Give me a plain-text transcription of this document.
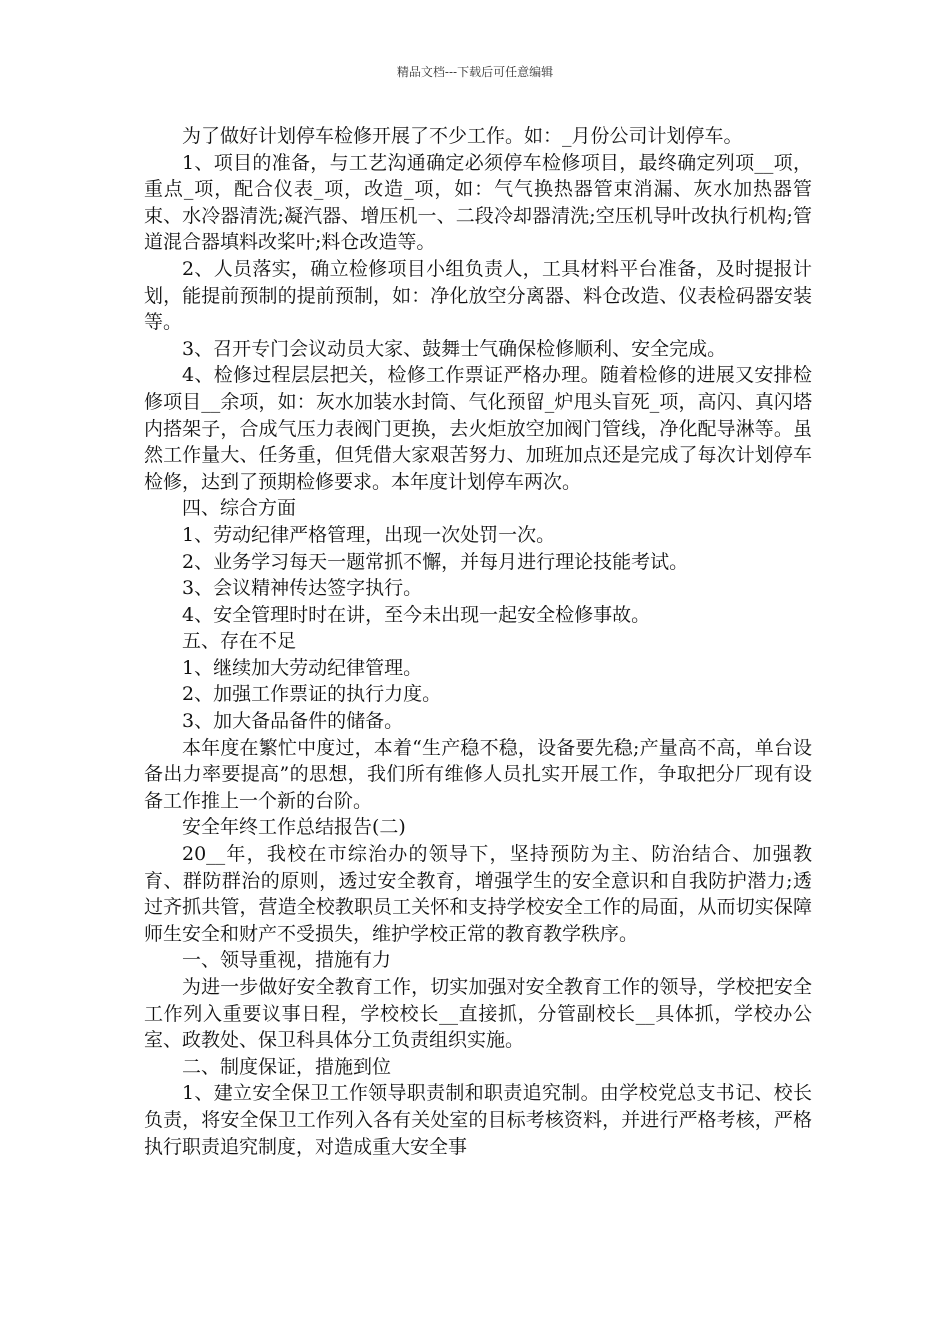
精品文档---下载后可任意编辑

为了做好计划停车检修开展了不少工作。如：_月份公司计划停车。

1、项目的准备，与工艺沟通确定必须停车检修项目，最终确定列项__项，重点_项，配合仪表_项，改造_项，如：气气换热器管束消漏、灰水加热器管束、水冷器清洗;凝汽器、增压机一、二段冷却器清洗;空压机导叶改执行机构;管道混合器填料改桨叶;料仓改造等。

2、人员落实，确立检修项目小组负责人，工具材料平台准备，及时提报计划，能提前预制的提前预制，如：净化放空分离器、料仓改造、仪表检码器安装等。

3、召开专门会议动员大家、鼓舞士气确保检修顺利、安全完成。

4、检修过程层层把关，检修工作票证严格办理。随着检修的进展又安排检修项目__余项，如：灰水加装水封筒、气化预留_炉甩头盲死_项，高闪、真闪塔内搭架子，合成气压力表阀门更换，去火炬放空加阀门管线，净化配导淋等。虽然工作量大、任务重，但凭借大家艰苦努力、加班加点还是完成了每次计划停车检修，达到了预期检修要求。本年度计划停车两次。

四、综合方面

1、劳动纪律严格管理，出现一次处罚一次。

2、业务学习每天一题常抓不懈，并每月进行理论技能考试。

3、会议精神传达签字执行。

4、安全管理时时在讲，至今未出现一起安全检修事故。

五、存在不足

1、继续加大劳动纪律管理。

2、加强工作票证的执行力度。

3、加大备品备件的储备。

本年度在繁忙中度过，本着“生产稳不稳，设备要先稳;产量高不高，单台设备出力率要提高”的思想，我们所有维修人员扎实开展工作，争取把分厂现有设备工作推上一个新的台阶。

安全年终工作总结报告(二)

20__年，我校在市综治办的领导下，坚持预防为主、防治结合、加强教育、群防群治的原则，透过安全教育，增强学生的安全意识和自我防护潜力;透过齐抓共管，营造全校教职员工关怀和支持学校安全工作的局面，从而切实保障师生安全和财产不受损失，维护学校正常的教育教学秩序。

一、领导重视，措施有力

为进一步做好安全教育工作，切实加强对安全教育工作的领导，学校把安全工作列入重要议事日程，学校校长__直接抓，分管副校长__具体抓，学校办公室、政教处、保卫科具体分工负责组织实施。

二、制度保证，措施到位

1、建立安全保卫工作领导职责制和职责追究制。由学校党总支书记、校长负责，将安全保卫工作列入各有关处室的目标考核资料，并进行严格考核，严格执行职责追究制度，对造成重大安全事
